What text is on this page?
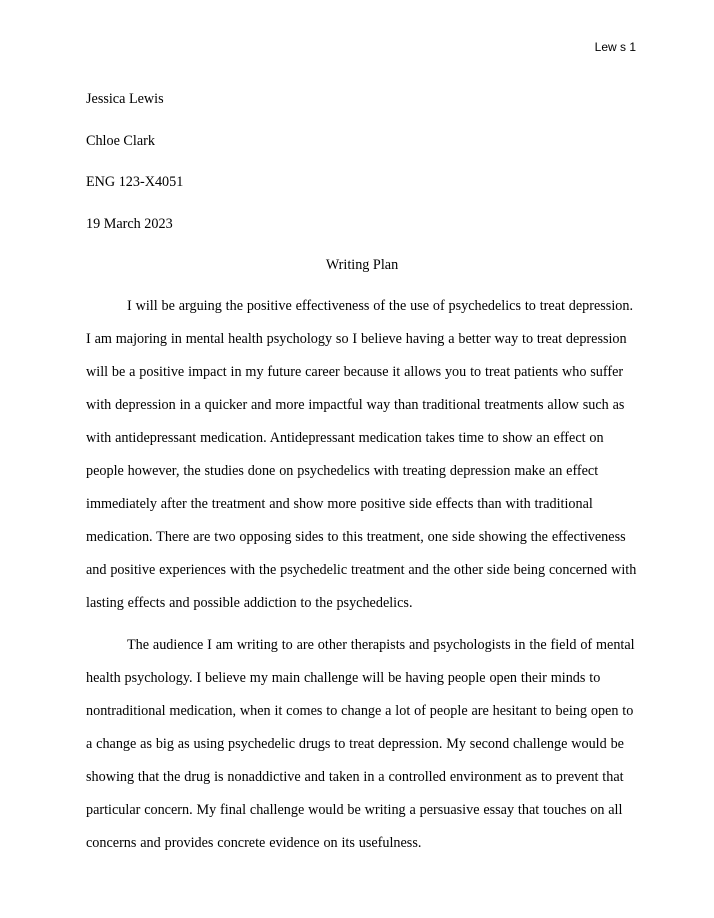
Lew s 1
Jessica Lewis
Chloe Clark
ENG 123-X4051
19 March 2023
Writing Plan

I will be arguing the positive effectiveness of the use of psychedelics to treat depression. I am majoring in mental health psychology so I believe having a better way to treat depression will be a positive impact in my future career because it allows you to treat patients who suffer with depression in a quicker and more impactful way than traditional treatments allow such as with antidepressant medication. Antidepressant medication takes time to show an effect on people however, the studies done on psychedelics with treating depression make an effect immediately after the treatment and show more positive side effects than with traditional medication. There are two opposing sides to this treatment, one side showing the effectiveness and positive experiences with the psychedelic treatment and the other side being concerned with lasting effects and possible addiction to the psychedelics.

The audience I am writing to are other therapists and psychologists in the field of mental health psychology. I believe my main challenge will be having people open their minds to nontraditional medication, when it comes to change a lot of people are hesitant to being open to a change as big as using psychedelic drugs to treat depression. My second challenge would be showing that the drug is nonaddictive and taken in a controlled environment as to prevent that particular concern. My final challenge would be writing a persuasive essay that touches on all concerns and provides concrete evidence on its usefulness.
